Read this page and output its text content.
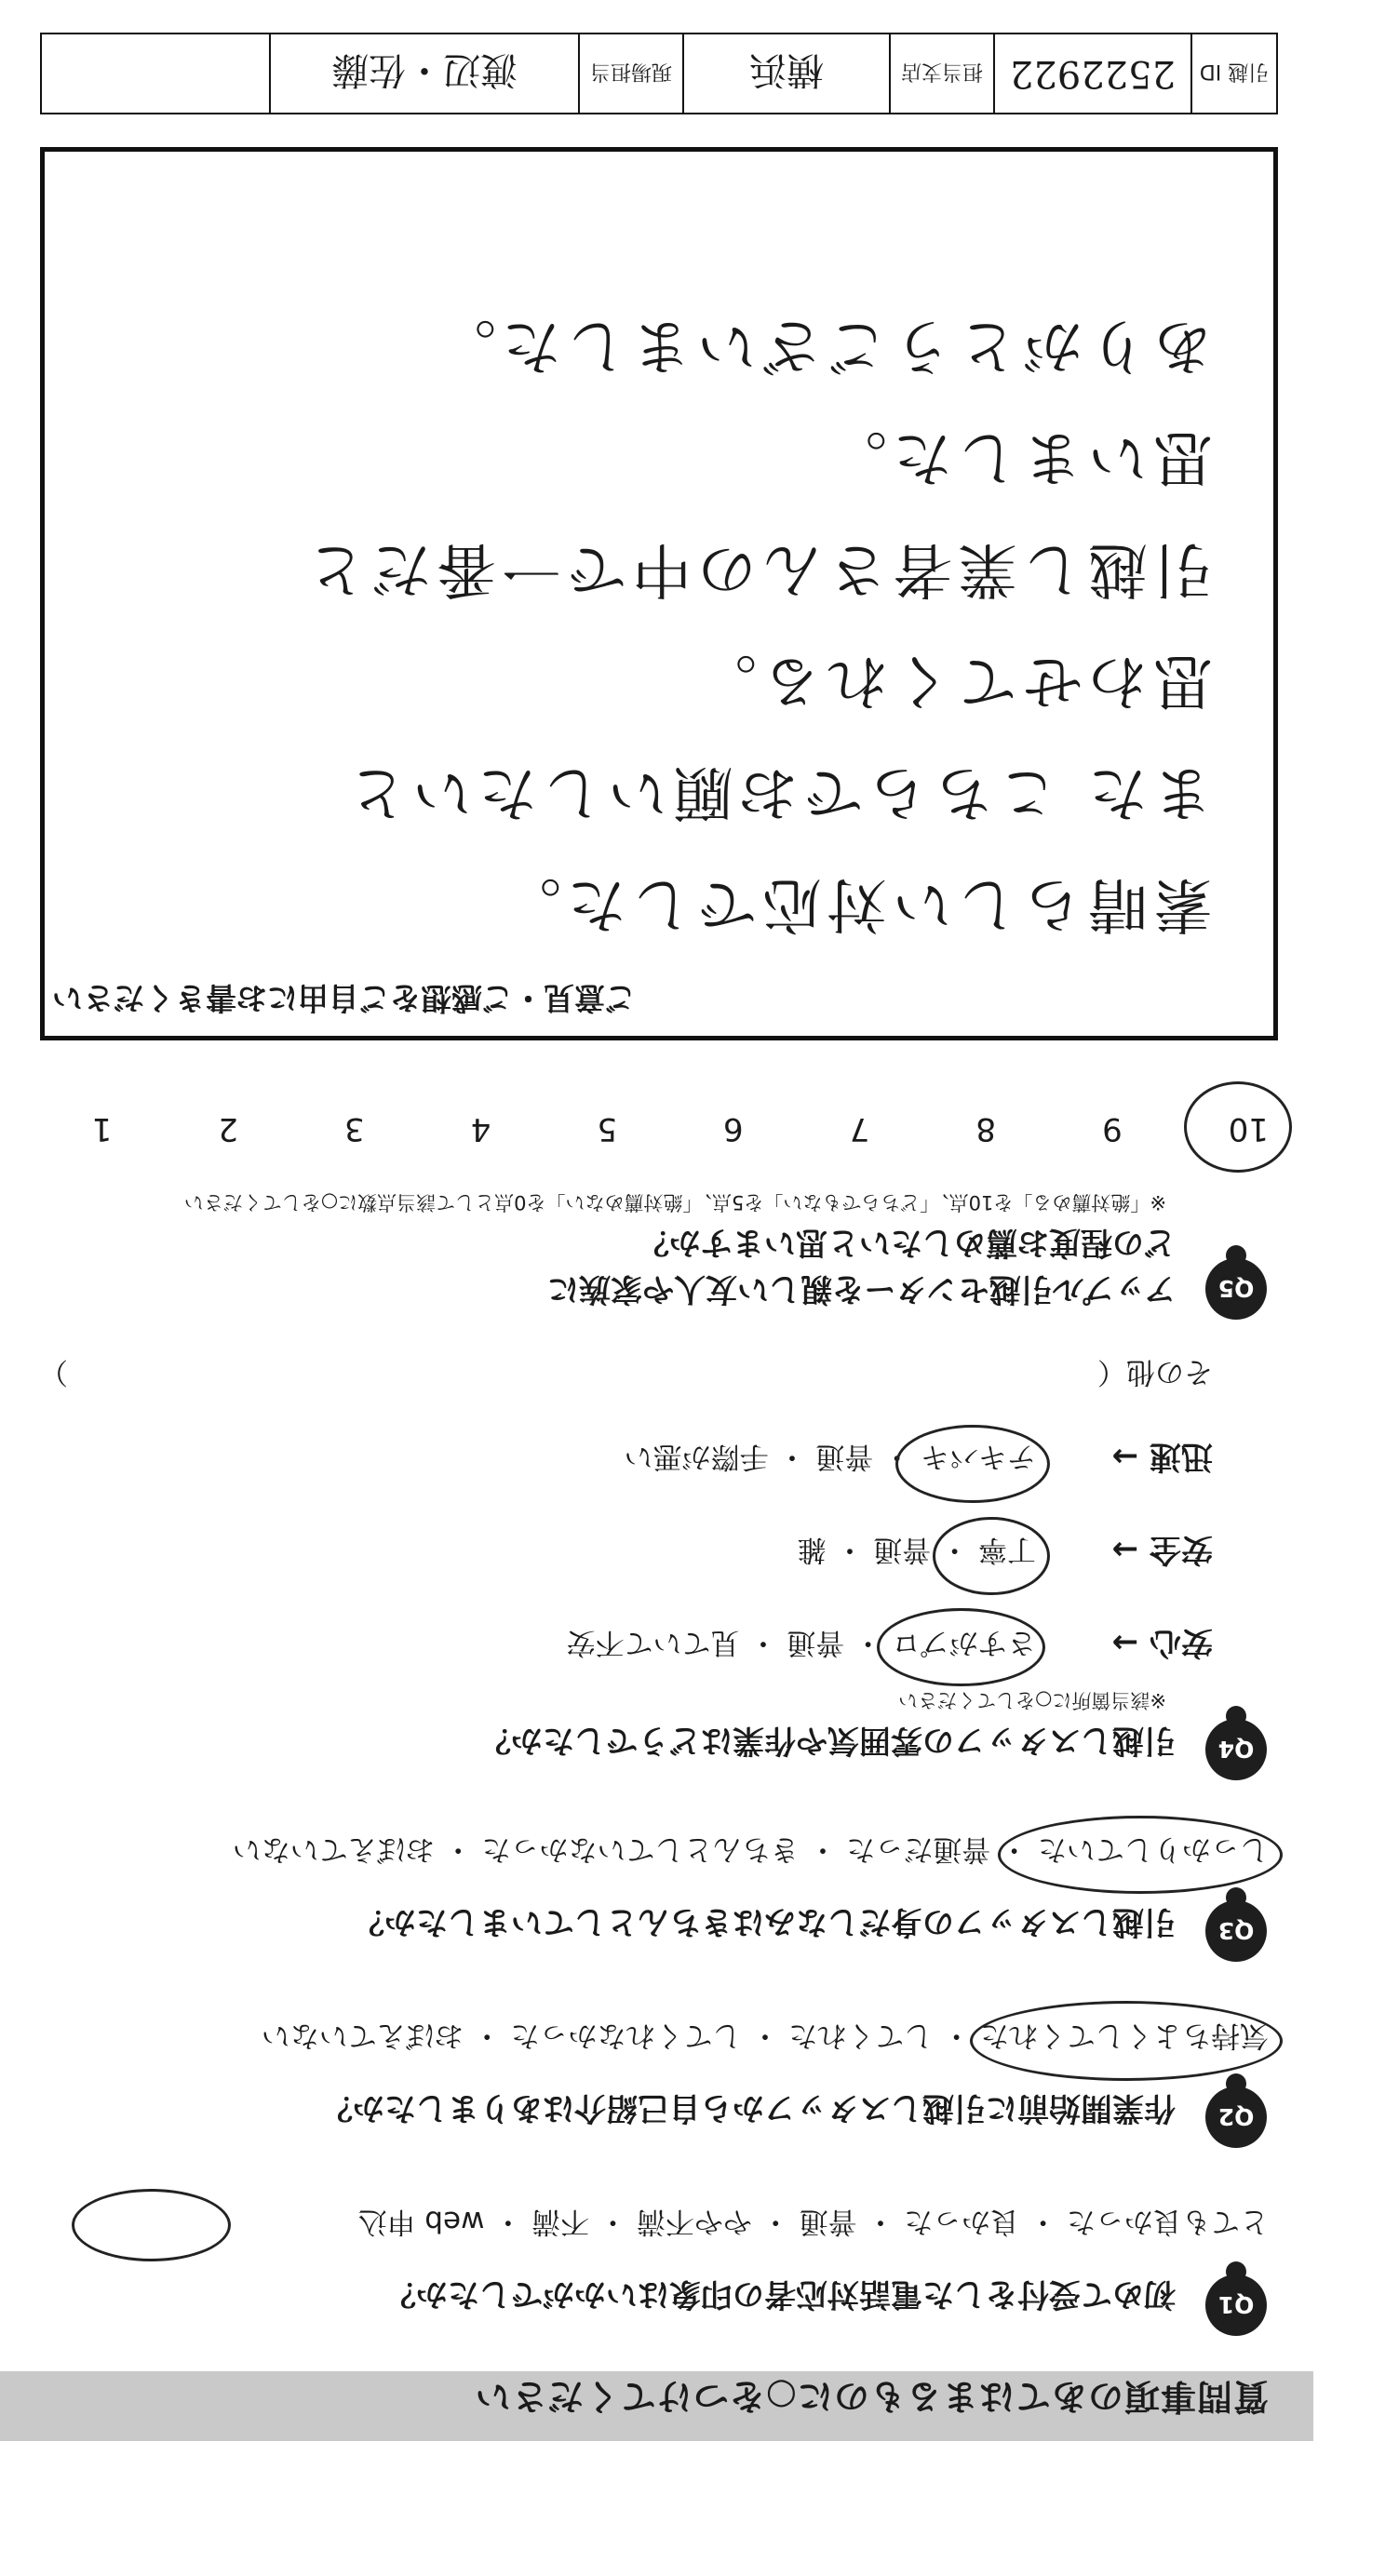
質問事項のあてはまるものに○をつけてください
Q1
初めて受付をした電話対応者の印象はいかがでしたか？
とても良かった ・ 良かった ・ 普通 ・ やや不満 ・ 不満 ・ web 申込
Q2
作業開始前に引越しスタッフから自己紹介はありましたか？
気持ちよくしてくれた ・ してくれた ・ してくれなかった ・ おぼえていない
Q3
引越しスタッフの身だしなみはきちんとしていましたか？
しっかりしていた ・ 普通だった ・ きちんとしていなかった ・ おぼえていない
Q4
引越しスタッフの雰囲気や作業はどうでしたか？
※該当箇所に○をしてください
安心 →
さすがプロ ・ 普通 ・ 見ていて不安
安全 →
丁寧 ・ 普通 ・ 雑
迅速 →
テキパキ ・ 普通 ・ 手際が悪い
その他（
）
Q5
アップル引越センターを親しい友人や家族に
どの程度お薦めしたいと思いますか？
※「絶対薦める」を10点、「どちらでもない」を5点、「絶対薦めない」を0点として該当点数に○をしてください
10
9
8
7
6
5
4
3
2
1
ご意見・ご感想をご自由にお書きください
素晴らしい対応でした。
また こちらでお願いしたいと
思わせてくれる。
引越し業者さんの中で一番だと
思いました。
ありがとうございました。
引越 ID
2522922
担当支店
横浜
現場担当
渡辺・佐藤
